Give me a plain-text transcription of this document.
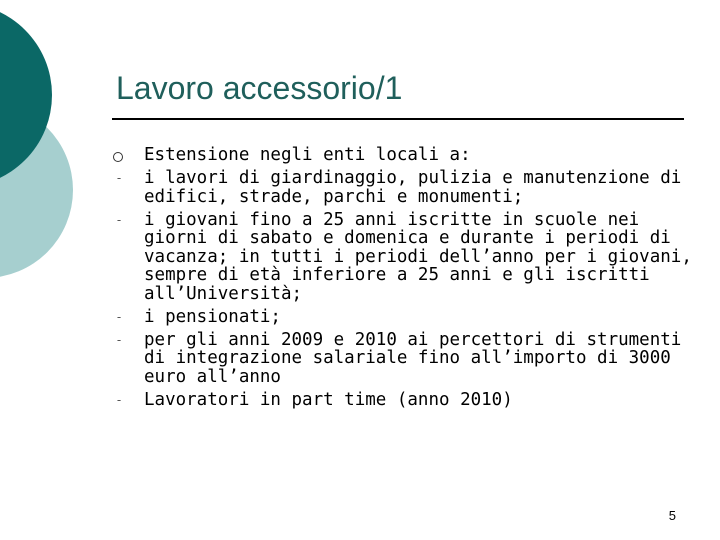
Lavoro accessorio/1
Estensione negli enti locali a:
- i lavori di giardinaggio, pulizia e manutenzione di edifici, strade, parchi e monumenti;
- i giovani fino a 25 anni iscritte in scuole nei giorni di sabato e domenica e durante i periodi di vacanza; in tutti i periodi dell’anno per i giovani, sempre di età inferiore a 25 anni e gli iscritti all’Università;
- i pensionati;
- per gli anni 2009 e 2010 ai percettori di strumenti di integrazione salariale fino all’importo di 3000 euro all’anno
- Lavoratori in part time (anno 2010)
5
